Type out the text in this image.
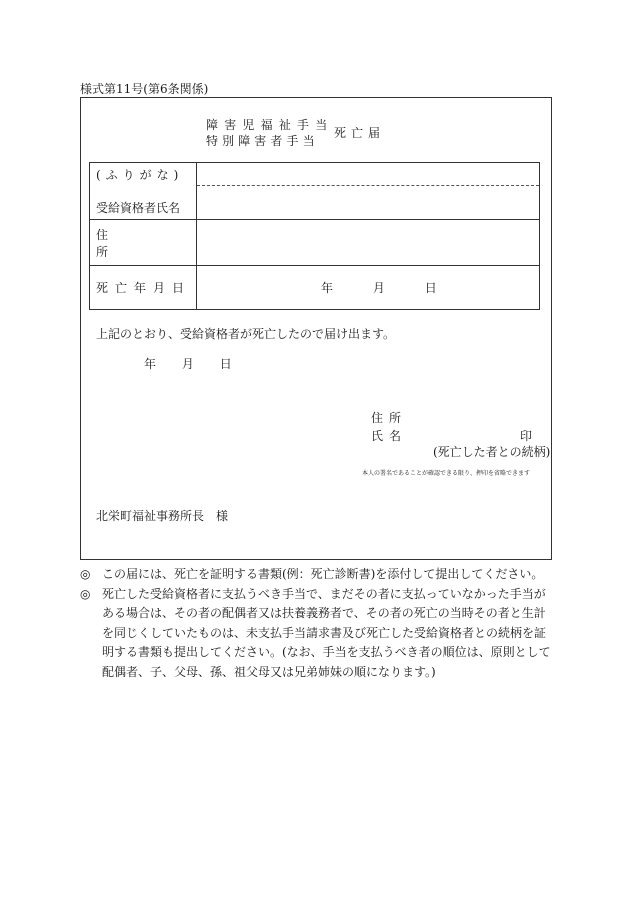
様式第11号(第6条関係)
障害児福祉手当
特別障害者手当
死亡届
(ふりがな)
受給資格者氏名	

住所	
死亡年月日	年 月 日
上記のとおり、受給資格者が死亡したので届け出ます。
年 月 日
住所
氏名	印
(死亡した者との続柄)
本人の署名であることが確認できる限り、押印を省略できます
北栄町福祉事務所長　様

◎ この届には、死亡を証明する書類(例：死亡診断書)を添付して提出してください。

◎ 死亡した受給資格者に支払うべき手当で、まだその者に支払っていなかった手当がある場合は、その者の配偶者又は扶養義務者で、その者の死亡の当時その者と生計を同じくしていたものは、未支払手当請求書及び死亡した受給資格者との続柄を証明する書類も提出してください。(なお、手当を支払うべき者の順位は、原則として配偶者、子、父母、孫、祖父母又は兄弟姉妹の順になります。)
